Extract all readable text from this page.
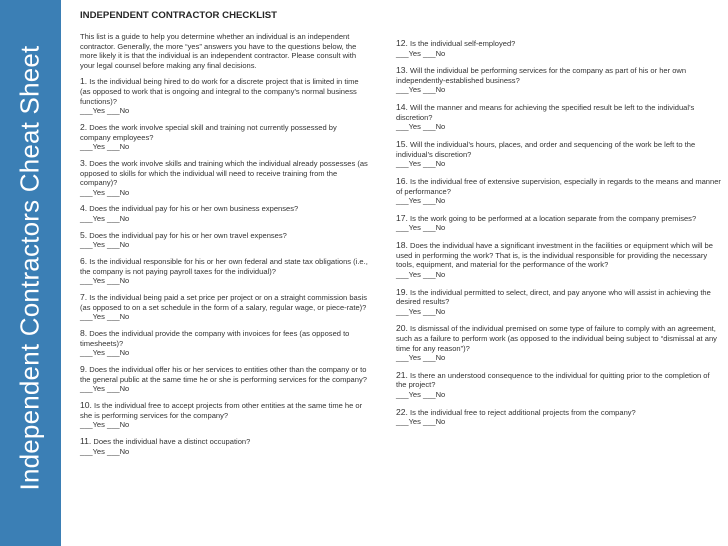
Independent Contractors Cheat Sheet
INDEPENDENT CONTRACTOR CHECKLIST
This list is a guide to help you determine whether an individual is an independent contractor. Generally, the more “yes” answers you have to the questions below, the more likely it is that the individual is an independent contractor. Please consult with your legal counsel before making any final decisions.
1. Is the individual being hired to do work for a discrete project that is limited in time (as opposed to work that is ongoing and integral to the company’s normal business functions)?
___Yes ___No
2. Does the work involve special skill and training not currently possessed by company employees?
___Yes ___No
3. Does the work involve skills and training which the individual already possesses (as opposed to skills for which the individual will need to receive training from the company)?
___Yes ___No
4. Does the individual pay for his or her own business expenses?
___Yes ___No
5. Does the individual pay for his or her own travel expenses?
___Yes ___No
6. Is the individual responsible for his or her own federal and state tax obligations (i.e., the company is not paying payroll taxes for the individual)?
___Yes ___No
7. Is the individual being paid a set price per project or on a straight commission basis (as opposed to on a set schedule in the form of a salary, regular wage, or piece-rate)?
___Yes ___No
8. Does the individual provide the company with invoices for fees (as opposed to timesheets)?
___Yes ___No
9. Does the individual offer his or her services to entities other than the company or to the general public at the same time he or she is performing services for the company?
___Yes ___No
10. Is the individual free to accept projects from other entities at the same time he or she is performing services for the company?
___Yes ___No
11. Does the individual have a distinct occupation?
___Yes ___No
12. Is the individual self-employed?
___Yes ___No
13. Will the individual be performing services for the company as part of his or her own independently-established business?
___Yes ___No
14. Will the manner and means for achieving the specified result be left to the individual’s discretion?
___Yes ___No
15. Will the individual’s hours, places, and order and sequencing of the work be left to the individual’s discretion?
___Yes ___No
16. Is the individual free of extensive supervision, especially in regards to the means and manner of performance?
___Yes ___No
17. Is the work going to be performed at a location separate from the company premises?
___Yes ___No
18. Does the individual have a significant investment in the facilities or equipment which will be used in performing the work? That is, is the individual responsible for providing the necessary tools, equipment, and material for the performance of the work?
___Yes ___No
19. Is the individual permitted to select, direct, and pay anyone who will assist in achieving the desired results?
___Yes ___No
20. Is dismissal of the individual premised on some type of failure to comply with an agreement, such as a failure to perform work (as opposed to the individual being subject to “dismissal at any time for any reason”)?
___Yes ___No
21. Is there an understood consequence to the individual for quitting prior to the completion of the project?
___Yes ___No
22. Is the individual free to reject additional projects from the company?
___Yes ___No
